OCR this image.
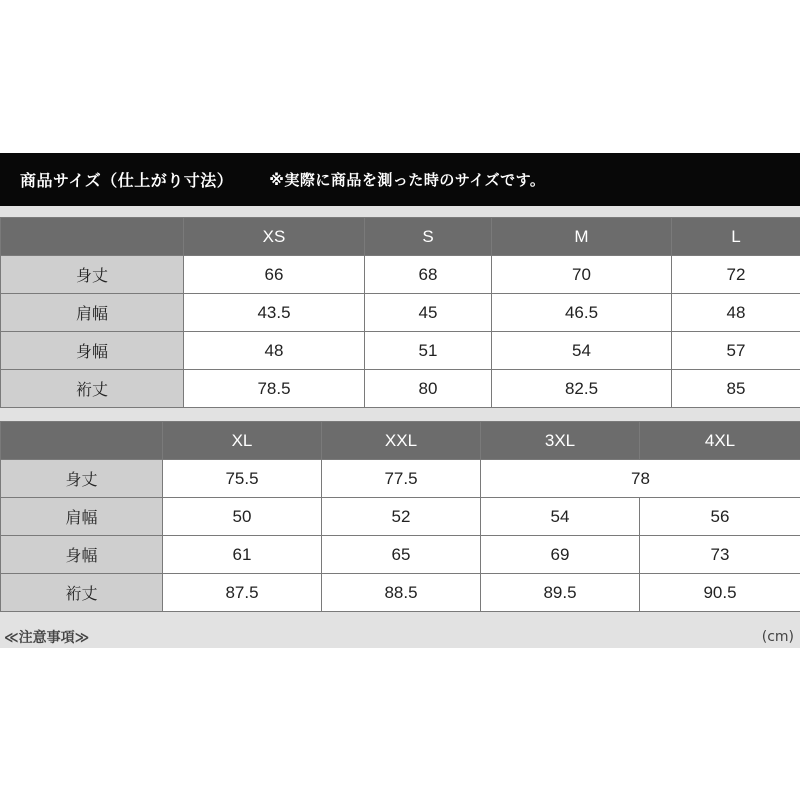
商品サイズ（仕上がり寸法） ※実際に商品を測った時のサイズです。
	XS	S	M	L
身丈	66	68	70	72
肩幅	43.5	45	46.5	48
身幅	48	51	54	57
裄丈	78.5	80	82.5	85
	XL	XXL	3XL	4XL
身丈	75.5	77.5	78	
肩幅	50	52	54	56
身幅	61	65	69	73
裄丈	87.5	88.5	89.5	90.5
≪注意事項≫	(cm)
